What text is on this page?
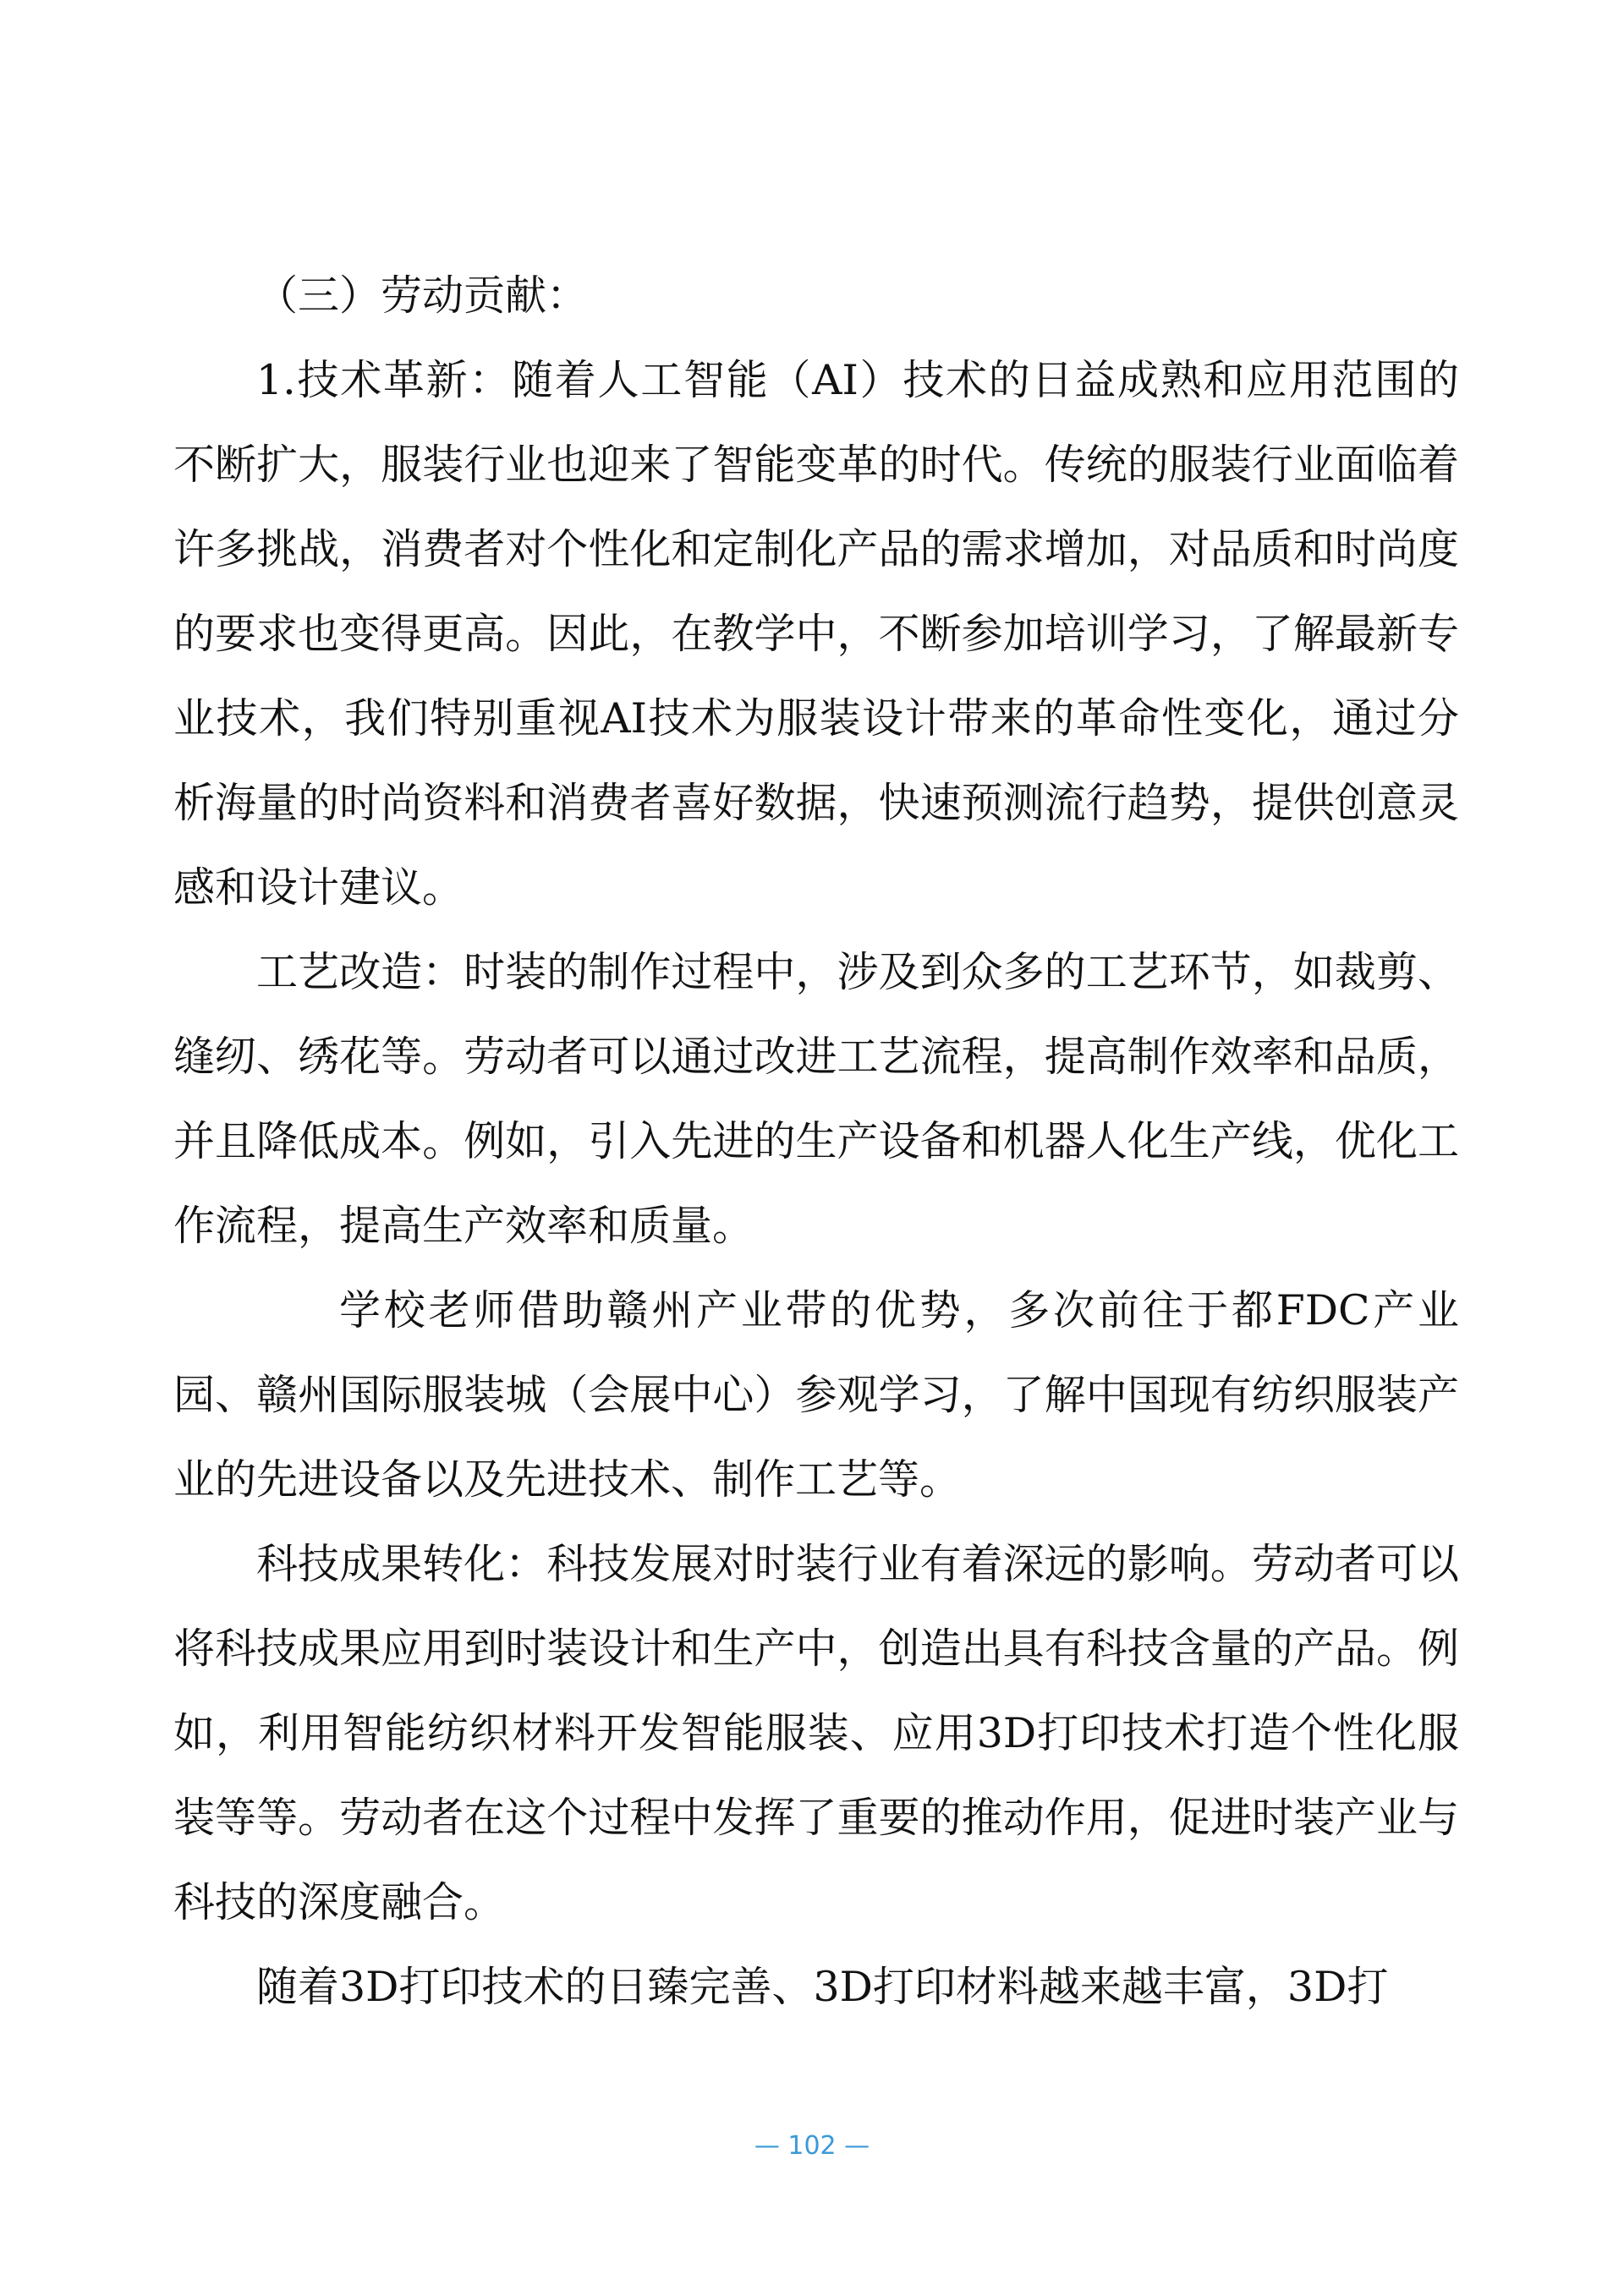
（三）劳动贡献：

1.技术革新：随着人工智能（AI）技术的日益成熟和应用范围的不断扩大，服装行业也迎来了智能变革的时代。传统的服装行业面临着许多挑战，消费者对个性化和定制化产品的需求增加，对品质和时尚度的要求也变得更高。因此，在教学中，不断参加培训学习，了解最新专业技术，我们特别重视AI技术为服装设计带来的革命性变化，通过分析海量的时尚资料和消费者喜好数据，快速预测流行趋势，提供创意灵感和设计建议。

工艺改造：时装的制作过程中，涉及到众多的工艺环节，如裁剪、缝纫、绣花等。劳动者可以通过改进工艺流程，提高制作效率和品质，并且降低成本。例如，引入先进的生产设备和机器人化生产线，优化工作流程，提高生产效率和质量。

学校老师借助赣州产业带的优势，多次前往于都FDC产业园、赣州国际服装城（会展中心）参观学习，了解中国现有纺织服装产业的先进设备以及先进技术、制作工艺等。

科技成果转化：科技发展对时装行业有着深远的影响。劳动者可以将科技成果应用到时装设计和生产中，创造出具有科技含量的产品。例如，利用智能纺织材料开发智能服装、应用3D打印技术打造个性化服装等等。劳动者在这个过程中发挥了重要的推动作用，促进时装产业与科技的深度融合。

随着3D打印技术的日臻完善、3D打印材料越来越丰富，3D打

— 102 —
